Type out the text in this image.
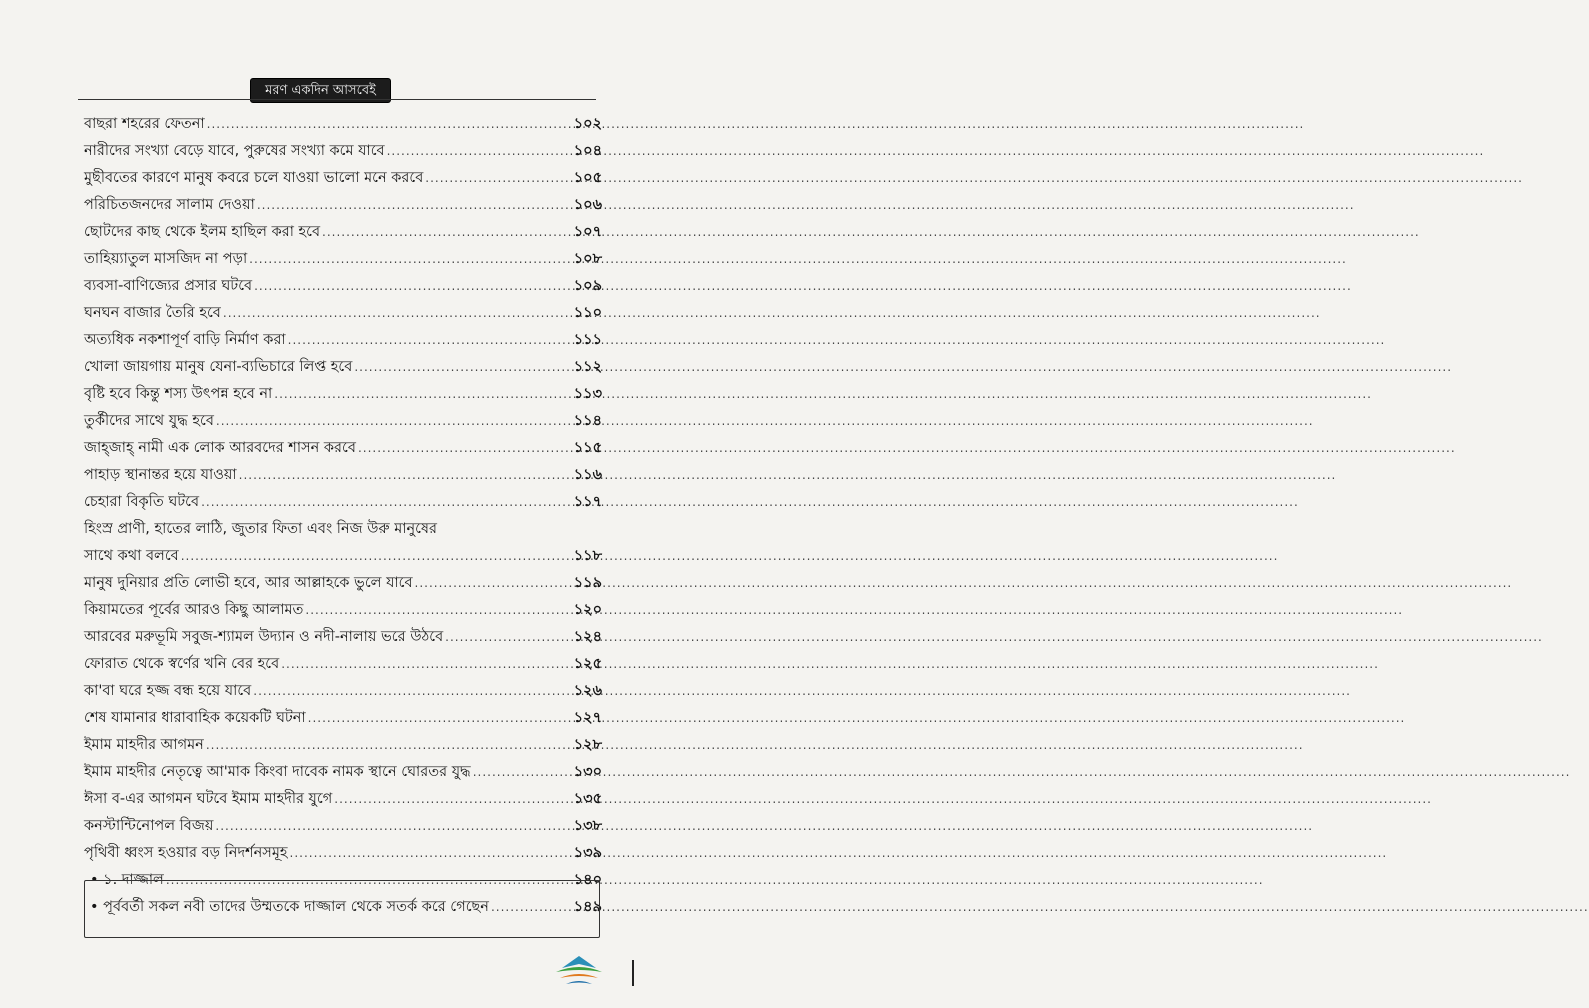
মরণ একদিন আসবেই
বাছরা শহরের ফেতনা .....	১০২
নারীদের সংখ্যা বেড়ে যাবে, পুরুষের সংখ্যা কমে যাবে .....	১০৪
মুছীবতের কারণে মানুষ কবরে চলে যাওয়া ভালো মনে করবে .....	১০৫
পরিচিতজনদের সালাম দেওয়া .....	১০৬
ছোটদের কাছ থেকে ইলম হাছিল করা হবে .....	১০৭
তাহিয়্যাতুল মাসজিদ না পড়া .....	১০৮
ব্যবসা-বাণিজ্যের প্রসার ঘটবে .....	১০৯
ঘনঘন বাজার তৈরি হবে .....	১১০
অত্যধিক নকশাপূর্ণ বাড়ি নির্মাণ করা .....	১১১
খোলা জায়গায় মানুষ যেনা-ব্যভিচারে লিপ্ত হবে .....	১১২
বৃষ্টি হবে কিন্তু শস্য উৎপন্ন হবে না .....	১১৩
তুর্কীদের সাথে যুদ্ধ হবে .....	১১৪
জাহ্‌জাহ্‌ নামী এক লোক আরবদের শাসন করবে .....	১১৫
পাহাড় স্থানান্তর হয়ে যাওয়া .....	১১৬
চেহারা বিকৃতি ঘটবে .....	১১৭
হিংস্র প্রাণী, হাতের লাঠি, জুতার ফিতা এবং নিজ উরু মানুষের
সাথে কথা বলবে .....	১১৮
মানুষ দুনিয়ার প্রতি লোভী হবে, আর আল্লাহকে ভুলে যাবে .....	১১৯
কিয়ামতের পূর্বের আরও কিছু আলামত .....	১২০
আরবের মরুভূমি সবুজ-শ্যামল উদ্যান ও নদী-নালায় ভরে উঠবে .....	১২৪
ফোরাত থেকে স্বর্ণের খনি বের হবে .....	১২৫
কা'বা ঘরে হজ্জ বন্ধ হয়ে যাবে .....	১২৬
শেষ যামানার ধারাবাহিক কয়েকটি ঘটনা .....	১২৭
ইমাম মাহদীর আগমন .....	১২৮
ইমাম মাহদীর নেতৃত্বে আ'মাক কিংবা দাবেক নামক স্থানে ঘোরতর যুদ্ধ .....	১৩০
ঈসা ব-এর আগমন ঘটবে ইমাম মাহদীর যুগে .....	১৩৫
কনস্টান্টিনোপল বিজয় .....	১৩৮
পৃথিবী ধ্বংস হওয়ার বড় নিদর্শনসমূহ .....	১৩৯
• ১. দাজ্জাল .....	১৪০
• পূর্ববর্তী সকল নবী তাদের উম্মতকে দাজ্জাল থেকে সতর্ক করে গেছেন .....	১৪৯
